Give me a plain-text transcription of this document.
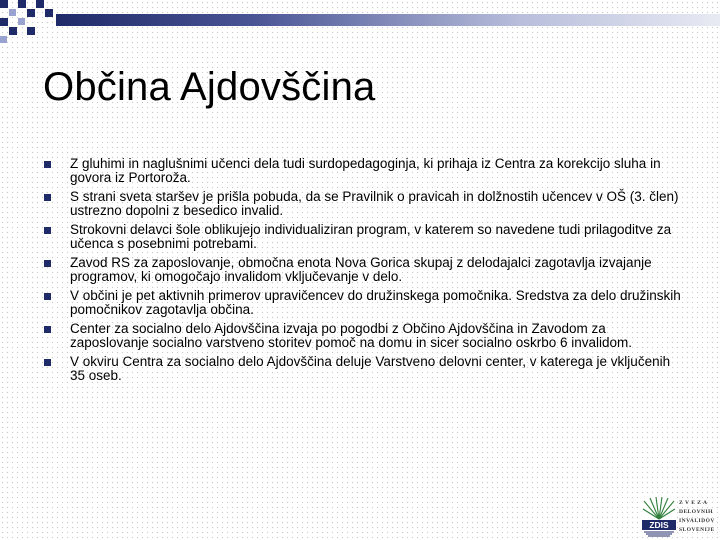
Občina Ajdovščina
Z gluhimi in naglušnimi učenci dela tudi surdopedagoginja, ki prihaja iz Centra za korekcijo sluha in govora iz Portoroža.
S strani sveta staršev je prišla pobuda, da se Pravilnik o pravicah in dolžnostih učencev v OŠ (3. člen) ustrezno dopolni z besedico invalid.
Strokovni delavci šole oblikujejo individualiziran program, v katerem so navedene tudi prilagoditve za učenca s posebnimi potrebami.
Zavod RS za zaposlovanje, območna enota Nova Gorica skupaj z delodajalci zagotavlja izvajanje programov, ki omogočajo invalidom vključevanje v delo.
V občini je pet aktivnih primerov upravičencev do družinskega pomočnika. Sredstva za delo družinskih pomočnikov zagotavlja občina.
Center za socialno delo Ajdovščina izvaja po pogodbi z Občino Ajdovščina in Zavodom za zaposlovanje socialno varstveno storitev pomoč na domu in sicer socialno oskrbo 6 invalidom.
V okviru Centra za socialno delo Ajdovščina deluje Varstveno delovni center, v katerega je vključenih 35 oseb.
ZDIS
Z V E Z A
DELOVNIH
INVALIDOV
SLOVENIJE
